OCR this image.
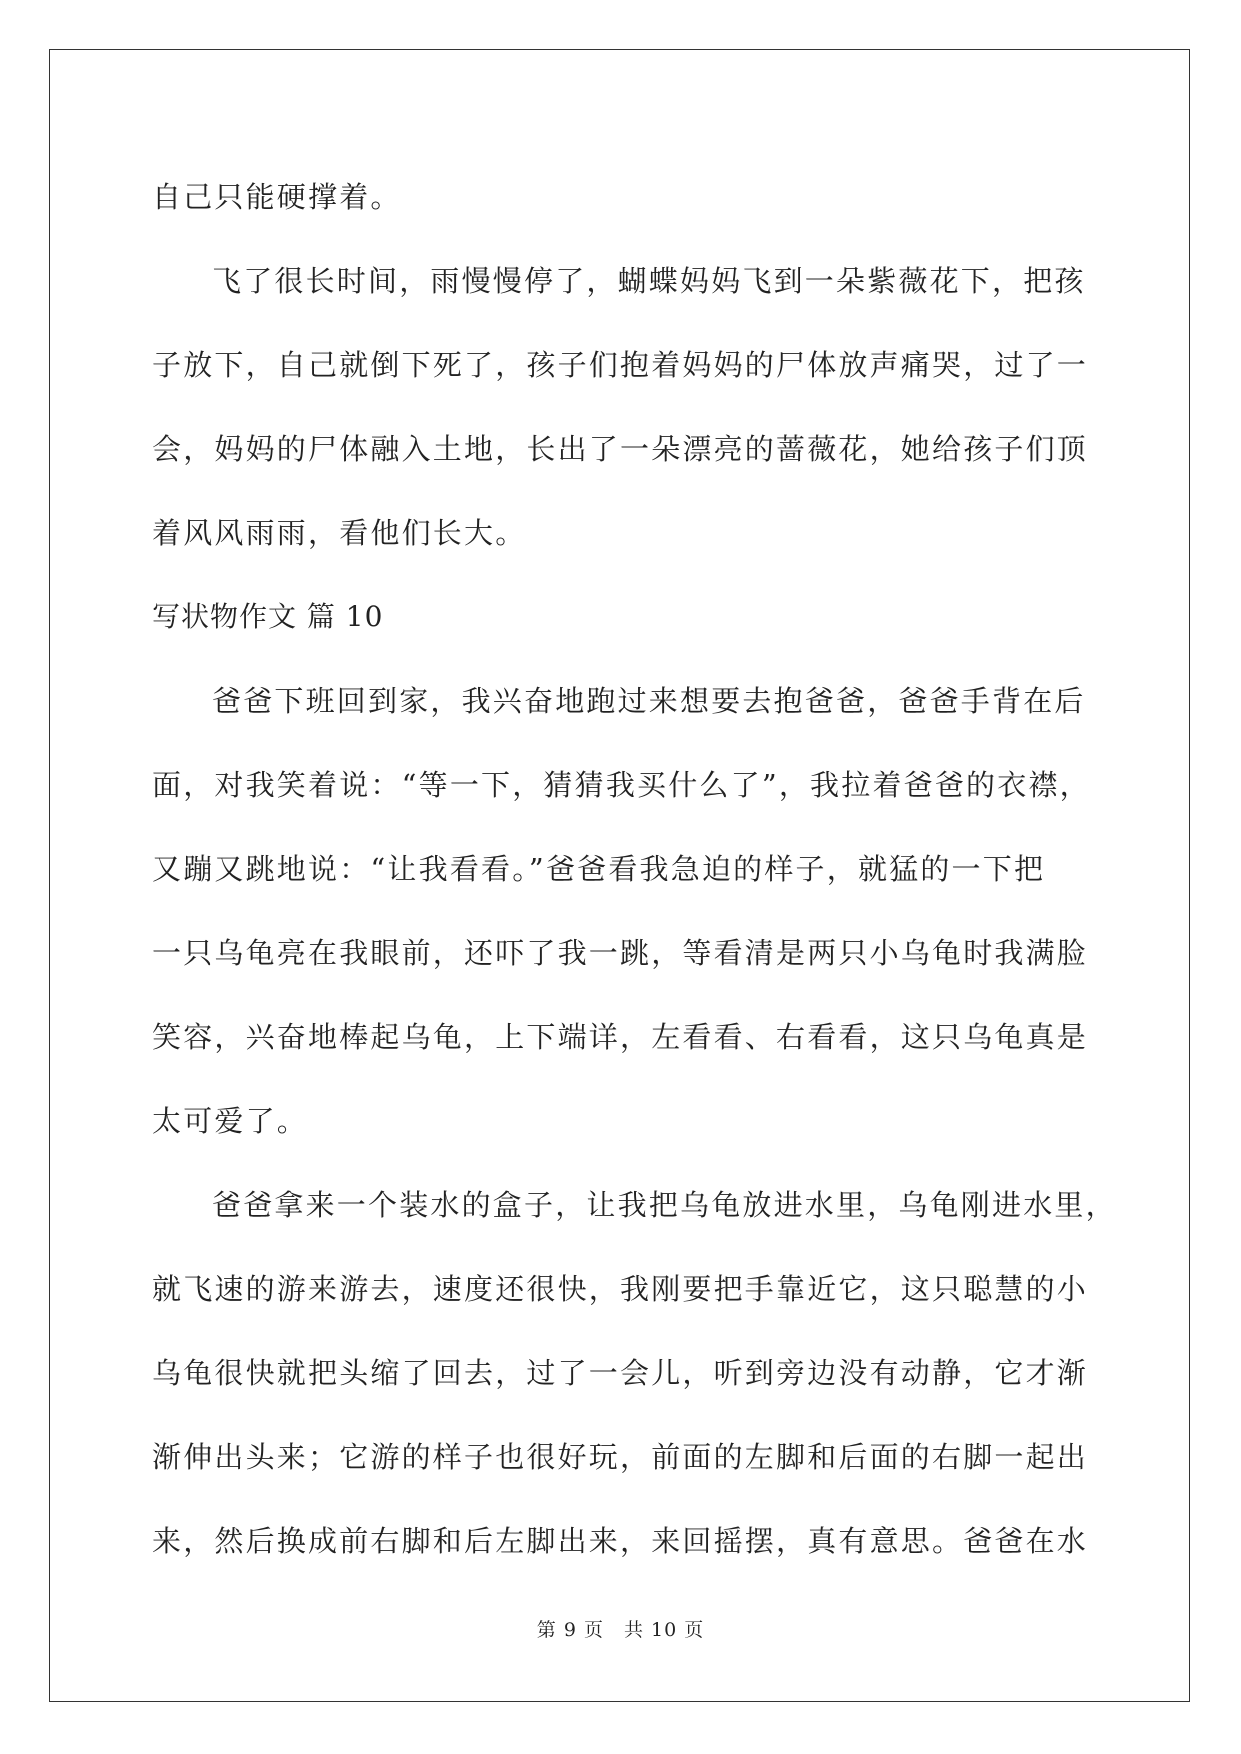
自己只能硬撑着。
飞了很长时间，雨慢慢停了，蝴蝶妈妈飞到一朵紫薇花下，把孩
子放下，自己就倒下死了，孩子们抱着妈妈的尸体放声痛哭，过了一
会，妈妈的尸体融入土地，长出了一朵漂亮的蔷薇花，她给孩子们顶
着风风雨雨，看他们长大。
写状物作文 篇 10
爸爸下班回到家，我兴奋地跑过来想要去抱爸爸，爸爸手背在后
面，对我笑着说：“等一下，猜猜我买什么了”，我拉着爸爸的衣襟，
又蹦又跳地说：“让我看看。”爸爸看我急迫的样子，就猛的一下把
一只乌龟亮在我眼前，还吓了我一跳，等看清是两只小乌龟时我满脸
笑容，兴奋地棒起乌龟，上下端详，左看看、右看看，这只乌龟真是
太可爱了。
爸爸拿来一个装水的盒子，让我把乌龟放进水里，乌龟刚进水里，
就飞速的游来游去，速度还很快，我刚要把手靠近它，这只聪慧的小
乌龟很快就把头缩了回去，过了一会儿，听到旁边没有动静，它才渐
渐伸出头来；它游的样子也很好玩，前面的左脚和后面的右脚一起出
来，然后换成前右脚和后左脚出来，来回摇摆，真有意思。爸爸在水
第 9 页　共 10 页
